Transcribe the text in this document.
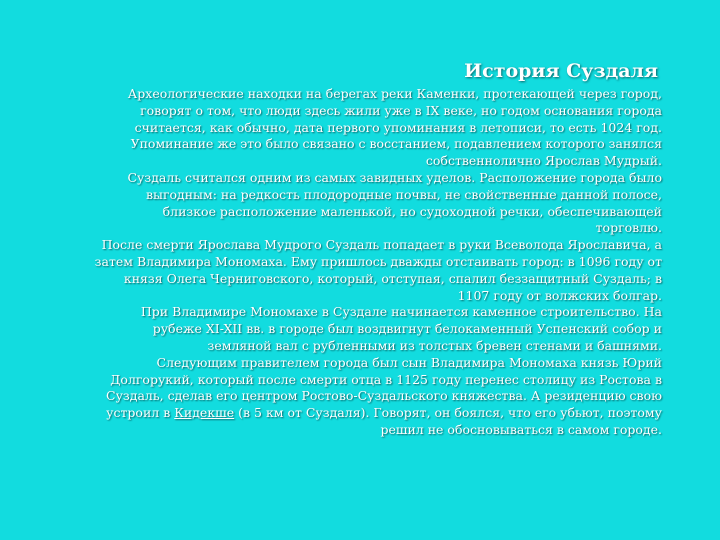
История Суздаля
Археологические находки на берегах реки Каменки, протекающей через город,
говорят о том, что люди здесь жили уже в IX веке, но годом основания города
считается, как обычно, дата первого упоминания в летописи, то есть 1024 год.
Упоминание же это было связано с восстанием, подавлением которого занялся
собственнолично Ярослав Мудрый.
Суздаль считался одним из самых завидных уделов. Расположение города было
выгодным: на редкость плодородные почвы, не свойственные данной полосе,
близкое расположение маленькой, но судоходной речки, обеспечивающей
торговлю.
После смерти Ярослава Мудрого Суздаль попадает в руки Всеволода Ярославича, а
затем Владимира Мономаха. Ему пришлось дважды отстаивать город: в 1096 году от
князя Олега Черниговского, который, отступая, спалил беззащитный Суздаль; в
1107 году от волжских болгар.
При Владимире Мономахе в Суздале начинается каменное строительство. На
рубеже XI-XII вв. в городе был воздвигнут белокаменный Успенский собор и
земляной вал с рубленными из толстых бревен стенами и башнями.
Следующим правителем города был сын Владимира Мономаха князь Юрий
Долгорукий, который после смерти отца в 1125 году перенес столицу из Ростова в
Суздаль, сделав его центром Ростово-Суздальского княжества. А резиденцию свою
устроил в Кидекше (в 5 км от Суздаля). Говорят, он боялся, что его убьют, поэтому
решил не обосновываться в самом городе.
